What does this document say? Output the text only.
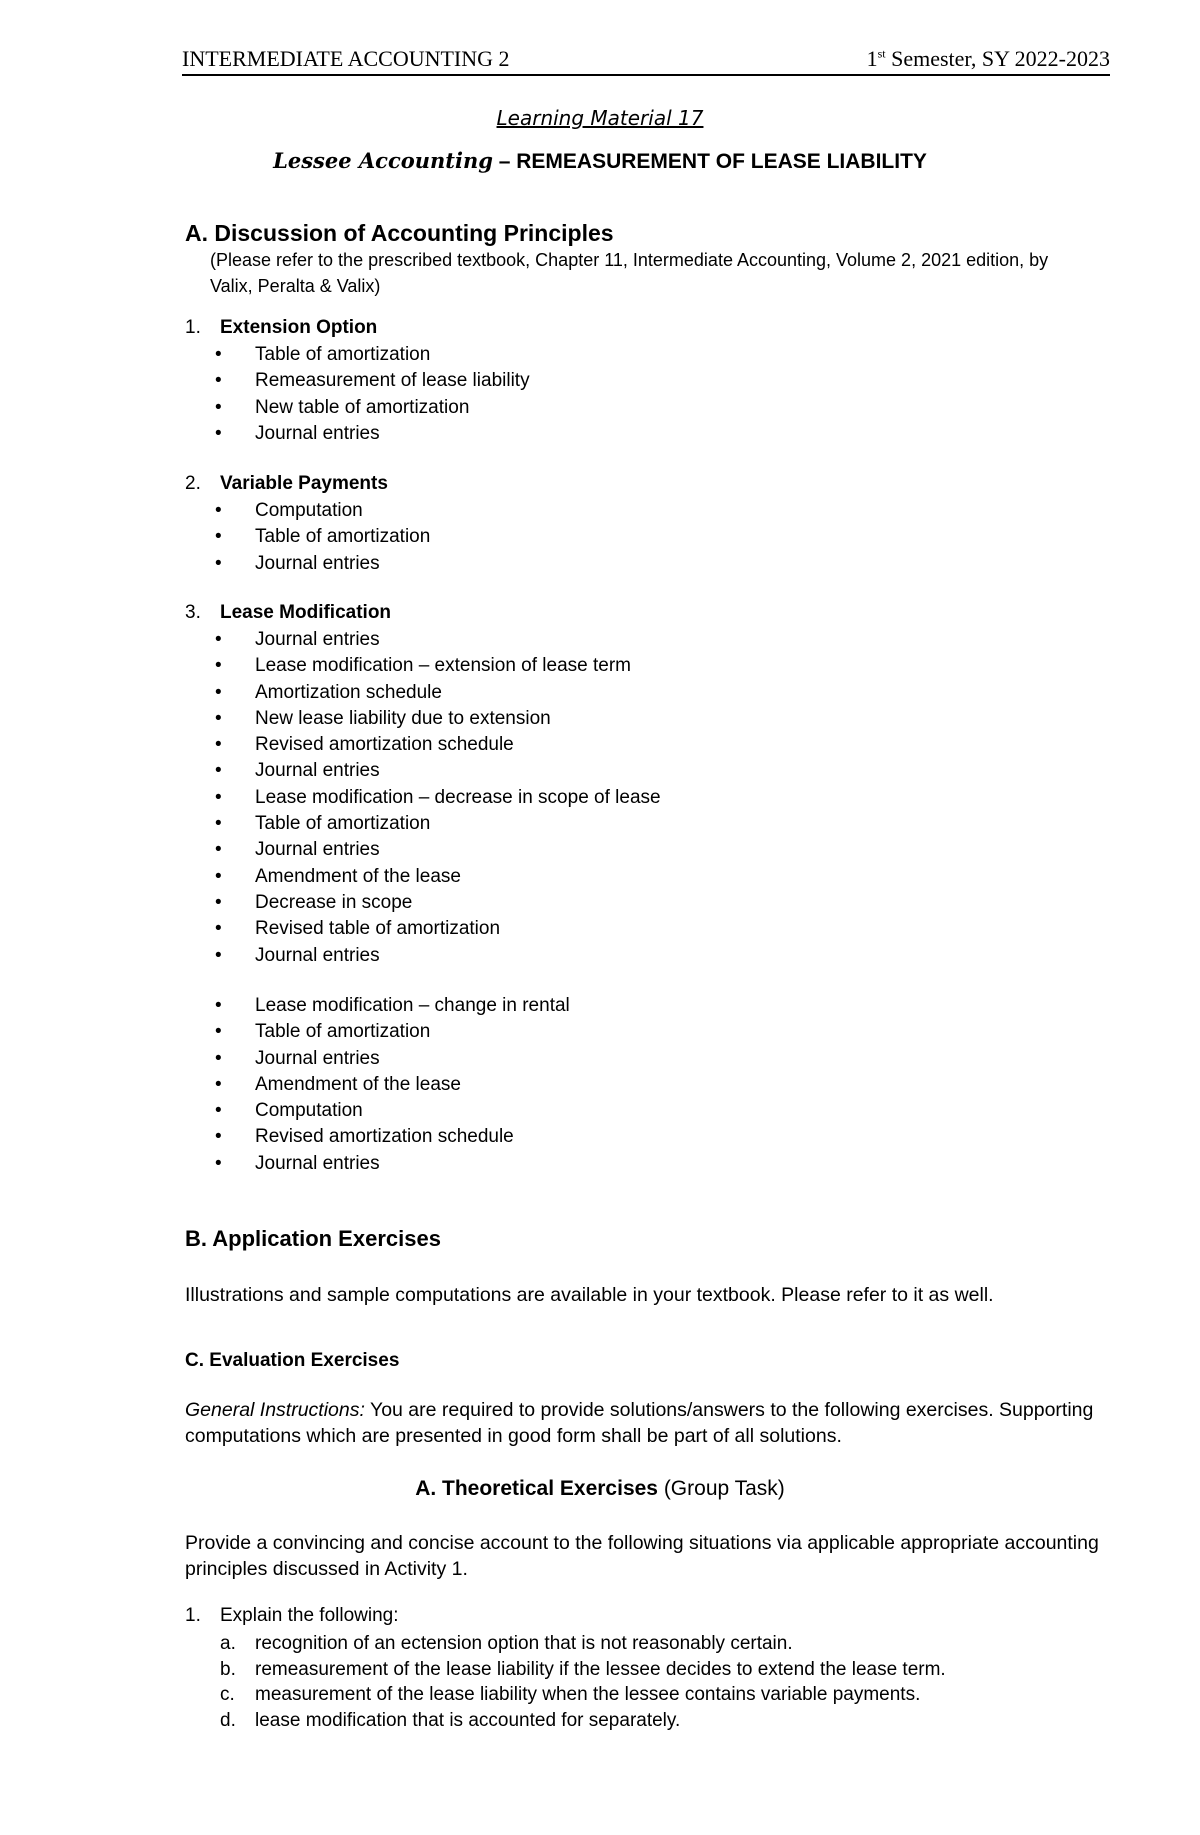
INTERMEDIATE ACCOUNTING 2	1st Semester, SY 2022-2023
Learning Material 17
Lessee Accounting – REMEASUREMENT OF LEASE LIABILITY
A. Discussion of Accounting Principles
(Please refer to the prescribed textbook, Chapter 11, Intermediate Accounting, Volume 2, 2021 edition, by Valix, Peralta & Valix)
1. Extension Option
• Table of amortization
• Remeasurement of lease liability
• New table of amortization
• Journal entries
2. Variable Payments
• Computation
• Table of amortization
• Journal entries
3. Lease Modification
• Journal entries
• Lease modification – extension of lease term
• Amortization schedule
• New lease liability due to extension
• Revised amortization schedule
• Journal entries
• Lease modification – decrease in scope of lease
• Table of amortization
• Journal entries
• Amendment of the lease
• Decrease in scope
• Revised table of amortization
• Journal entries
• Lease modification – change in rental
• Table of amortization
• Journal entries
• Amendment of the lease
• Computation
• Revised amortization schedule
• Journal entries
B. Application Exercises
Illustrations and sample computations are available in your textbook. Please refer to it as well.
C. Evaluation Exercises
General Instructions: You are required to provide solutions/answers to the following exercises. Supporting computations which are presented in good form shall be part of all solutions.
A. Theoretical Exercises (Group Task)
Provide a convincing and concise account to the following situations via applicable appropriate accounting principles discussed in Activity 1.
1. Explain the following:
a. recognition of an ectension option that is not reasonably certain.
b. remeasurement of the lease liability if the lessee decides to extend the lease term.
c. measurement of the lease liability when the lessee contains variable payments.
d. lease modification that is accounted for separately.
